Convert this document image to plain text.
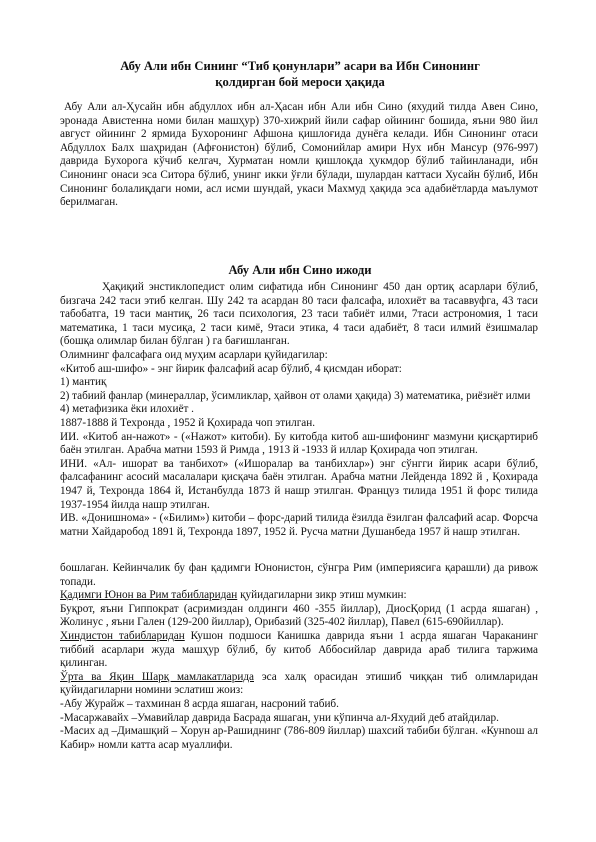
Абу Али ибн Сининг “Тиб қонунлари” асари ва Ибн Синонинг
қолдирган бой мероси ҳақида

Абу Али ал-Ҳусайн ибн абдуллох ибн ал-Ҳасан ибн Али ибн Сино (яхудий тилда Авен Сино, эронада Авистенна номи билан машҳур) 370-хижрий йили сафар ойининг бошида, яъни 980 йил август ойининг 2 ярмида Бухоронинг Афшона қишлоғида дунёга келади. Ибн Синонинг отаси Абдуллох Балх шаҳридан (Афғонистон) бўлиб, Сомонийлар амири Нух ибн Мансур (976-997) даврида Бухорога кўчиб келгач, Хурматан номли қишлоқда ҳукмдор бўлиб тайинланади, ибн Синонинг онаси эса Ситора бўлиб, унинг икки ўғли бўлади, шулардан каттаси Хусайн бўлиб, Ибн Синонинг болалиқдаги номи, асл исми шундай, укаси Махмуд ҳақида эса адабиётларда маълумот берилмаган.

Абу Али ибн Сино ижоди

Ҳақиқий энстиклопедист олим сифатида ибн Синонинг 450 дан ортиқ асарлари бўлиб, бизгача 242 таси этиб келган. Шу 242 та асардан 80 таси фалсафа, илохиёт ва тасаввуфга, 43 таси табобатга, 19 таси мантиқ, 26 таси психология, 23 таси табиёт илми, 7таси астрономия, 1 таси математика, 1 таси мусиқа, 2 таси кимё, 9таси этика, 4 таси адабиёт, 8 таси илмий ёзишмалар (бошқа олимлар билан бўлган ) га бағишланган.

Олимнинг фалсафага оид муҳим асарлари қуйидагилар:

«Китоб аш-шифо» - энг йирик фалсафий асар бўлиб, 4 қисмдан иборат:

1) мантиқ

2) табиий фанлар (минераллар, ўсимликлар, ҳайвон от олами ҳақида) 3) математика, риёзиёт илми

4) метафизика ёки илохиёт .

1887-1888 й Техронда , 1952 й Қохирада чоп этилган.

ИИ. «Китоб ан-нажот» - («Нажот» китоби). Бу китобда китоб аш-шифонинг мазмуни қисқартириб баён этилган. Арабча матни 1593 й Римда , 1913 й -1933 й иллар Қохирада чоп этилган.

ИНИ. «Ал- ишорат ва танбихот» («Ишоралар ва танбихлар») энг сўнгги йирик асари бўлиб, фалсафанинг асосий масалалари қисқача баён этилган. Арабча матни Лейденда 1892 й , Қохирада 1947 й, Техронда 1864 й, Истанбулда 1873 й нашр этилган. Француз тилида 1951 й форс тилида 1937-1954 йилда нашр этилган.

ИВ. «Донишнома» - («Билим») китоби – форс-дарий тилида ёзилда ёзилган фалсафий асар. Форсча матни Хайдаробод 1891 й, Техронда 1897, 1952 й. Русча матни Душанбеда 1957 й нашр этилган.

бошлаган. Кейинчалик бу фан қадимги Юнонистон, сўнгра Рим (империясига қарашли) да ривож топади.

Қадимги Юнон ва Рим табибларидан қуйидагиларни зикр этиш мумкин:

Буқрот, яъни Гиппократ (асримиздан олдинги 460 -355 йиллар), ДиосҚорид (1 асрда яшаган) , Жолинус , яъни Гален (129-200 йиллар), Орибазий (325-402 йиллар), Павел (615-690йиллар).

Хиндистон табибларидан Кушон подшоси Канишка даврида яъни 1 асрда яшаган Чараканинг тиббий асарлари жуда машҳур бўлиб, бу китоб Аббосийлар даврида араб тилига таржима қилинган.

Ўрта ва Яқин Шарқ мамлакатларида эса халқ орасидан этишиб чиққан тиб олимларидан қуйидагиларни номини эслатиш жоиз:

-Абу Журайж – тахминан 8 асрда яшаган, насроний табиб.

-Масаржавайх –Умавийлар даврида Басрада яшаган, уни кўпинча ал-Яхудий деб атайдилар.

-Масих ад –Димашқий – Хорун ар-Рашиднинг (786-809 йиллар) шахсий табиби бўлган. «Кунnош ал Кабир» номли катта асар муаллифи.
